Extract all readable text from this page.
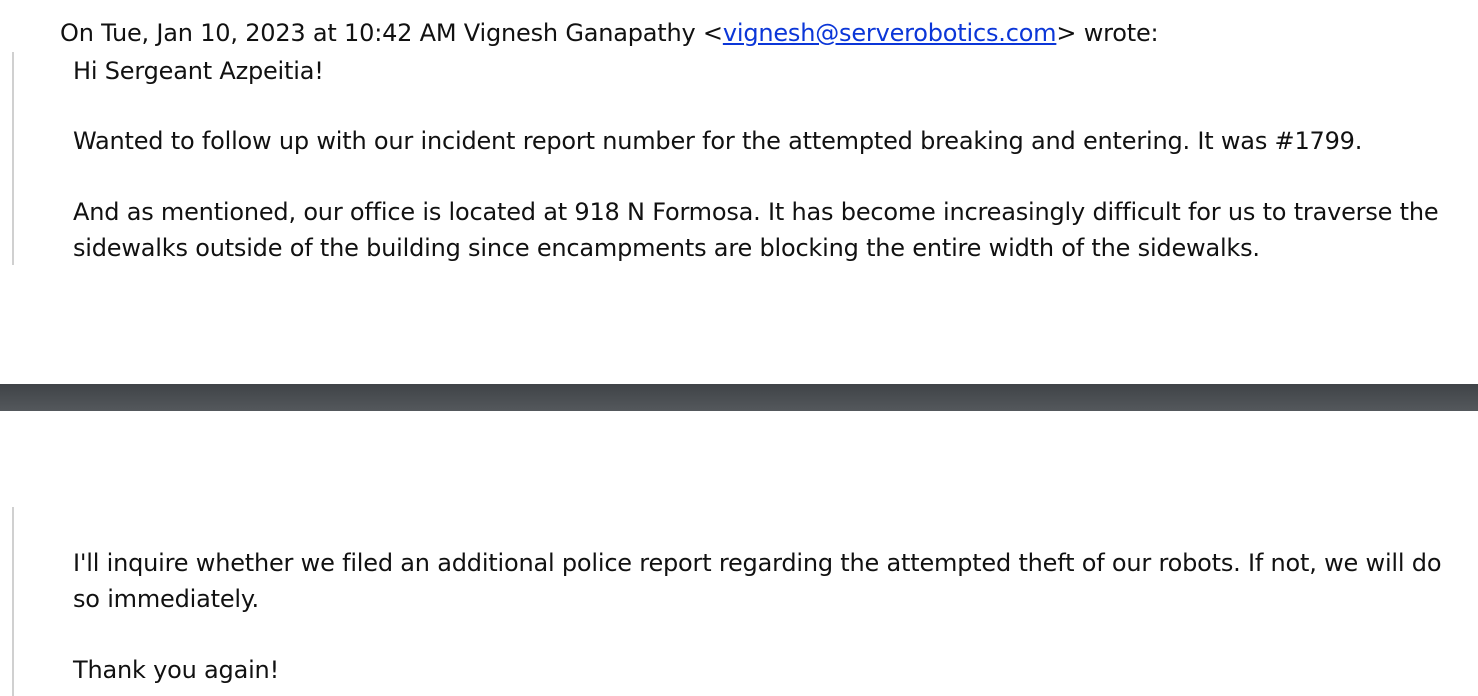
On Tue, Jan 10, 2023 at 10:42 AM Vignesh Ganapathy <vignesh@serverobotics.com> wrote:

Hi Sergeant Azpeitia!

Wanted to follow up with our incident report number for the attempted breaking and entering. It was #1799.

And as mentioned, our office is located at 918 N Formosa. It has become increasingly difficult for us to traverse the sidewalks outside of the building since encampments are blocking the entire width of the sidewalks.

I'll inquire whether we filed an additional police report regarding the attempted theft of our robots. If not, we will do so immediately.

Thank you again!
